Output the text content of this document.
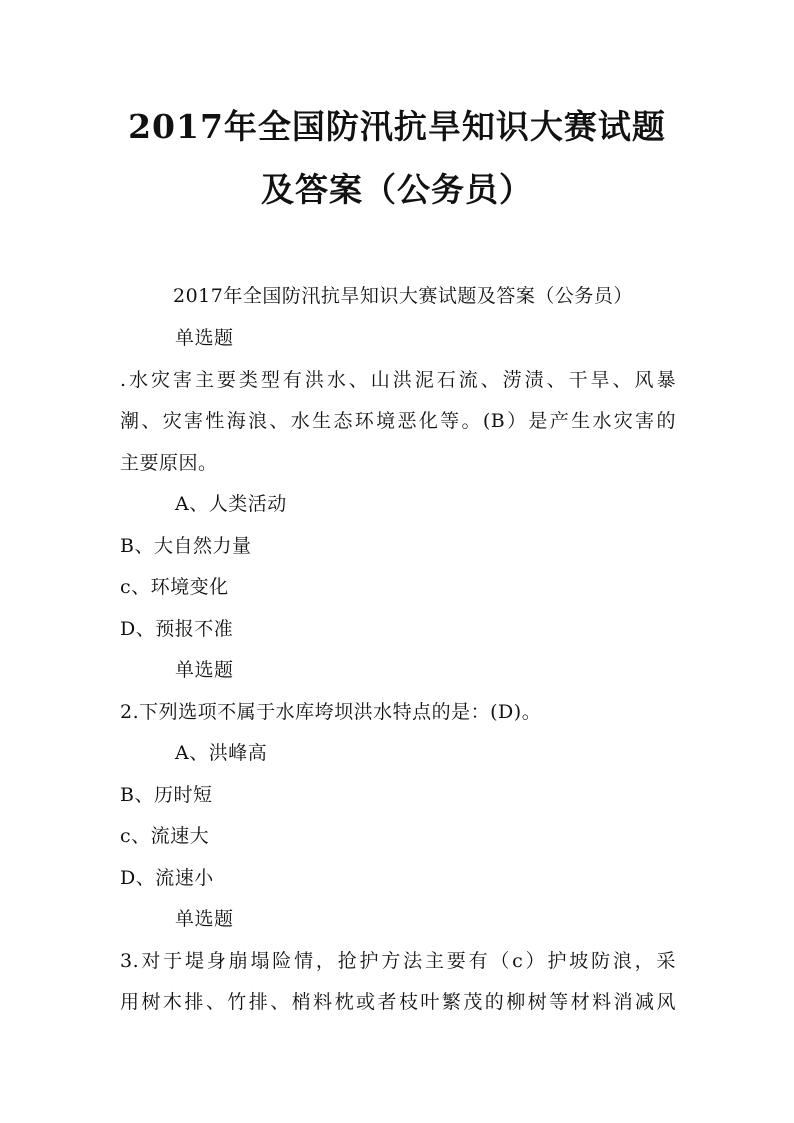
2017年全国防汛抗旱知识大赛试题
及答案（公务员）
2017年全国防汛抗旱知识大赛试题及答案（公务员）
单选题
.水灾害主要类型有洪水、山洪泥石流、涝渍、干旱、风暴
潮、灾害性海浪、水生态环境恶化等。(B）是产生水灾害的
主要原因。
A、人类活动
B、大自然力量
c、环境变化
D、预报不准
单选题
2.下列选项不属于水库垮坝洪水特点的是：(D)。
A、洪峰高
B、历时短
c、流速大
D、流速小
单选题
3.对于堤身崩塌险情，抢护方法主要有（c）护坡防浪，采
用树木排、竹排、梢料枕或者枝叶繁茂的柳树等材料消减风
